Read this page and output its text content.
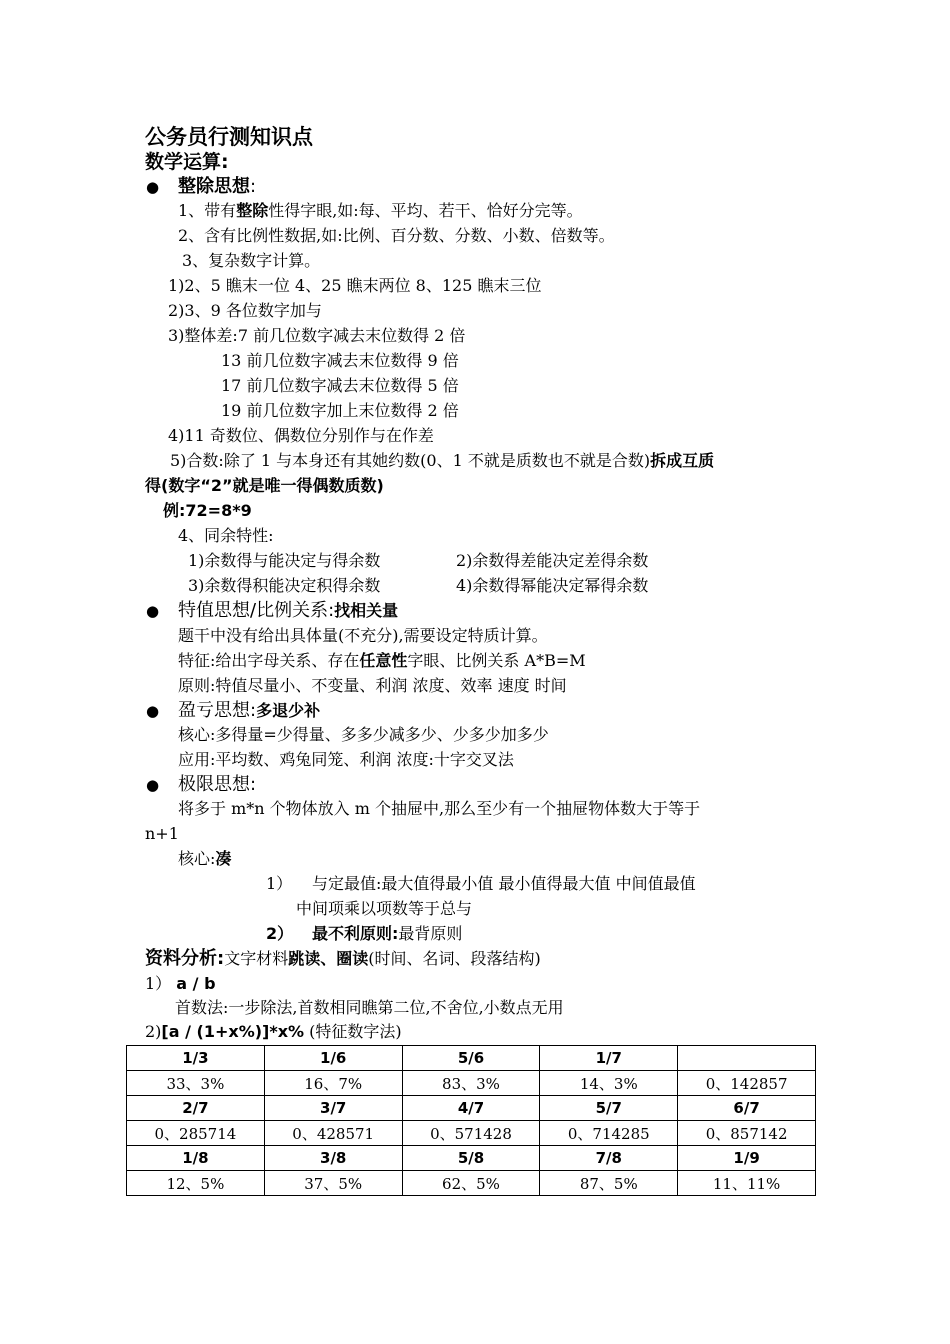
公务员行测知识点
数学运算:
● 整除思想:
1、带有整除性得字眼,如:每、平均、若干、恰好分完等。
2、含有比例性数据,如:比例、百分数、分数、小数、倍数等。
3、复杂数字计算。
1)2、5 瞧末一位 4、25 瞧末两位 8、125 瞧末三位
2)3、9 各位数字加与
3)整体差:7 前几位数字减去末位数得 2 倍
13 前几位数字减去末位数得 9 倍
17 前几位数字减去末位数得 5 倍
19 前几位数字加上末位数得 2 倍
4)11 奇数位、偶数位分别作与在作差
5)合数:除了 1 与本身还有其她约数(0、1 不就是质数也不就是合数)拆成互质
得(数字“2”就是唯一得偶数质数)
例:72=8*9
4、同余特性:
1)余数得与能决定与得余数	2)余数得差能决定差得余数
3)余数得积能决定积得余数	4)余数得幂能决定幂得余数
● 特值思想/比例关系:找相关量
题干中没有给出具体量(不充分),需要设定特质计算。
特征:给出字母关系、存在任意性字眼、比例关系 A*B=M
原则:特值尽量小、不变量、利润 浓度、效率 速度 时间
● 盈亏思想:多退少补
核心:多得量=少得量、多多少减多少、少多少加多少
应用:平均数、鸡兔同笼、利润 浓度:十字交叉法
● 极限思想:
将多于 m*n 个物体放入 m 个抽屉中,那么至少有一个抽屉物体数大于等于
n+1
核心:凑
1） 与定最值:最大值得最小值 最小值得最大值 中间值最值
中间项乘以项数等于总与
2） 最不利原则:最背原则
资料分析:文字材料跳读、圈读(时间、名词、段落结构)
1） a / b
首数法:一步除法,首数相同瞧第二位,不舍位,小数点无用
2)[a / (1+x%)]*x% (特征数字法)
1/3	1/6	5/6	1/7	
33、3%	16、7%	83、3%	14、3%	0、142857
2/7	3/7	4/7	5/7	6/7
0、285714	0、428571	0、571428	0、714285	0、857142
1/8	3/8	5/8	7/8	1/9
12、5%	37、5%	62、5%	87、5%	11、11%
